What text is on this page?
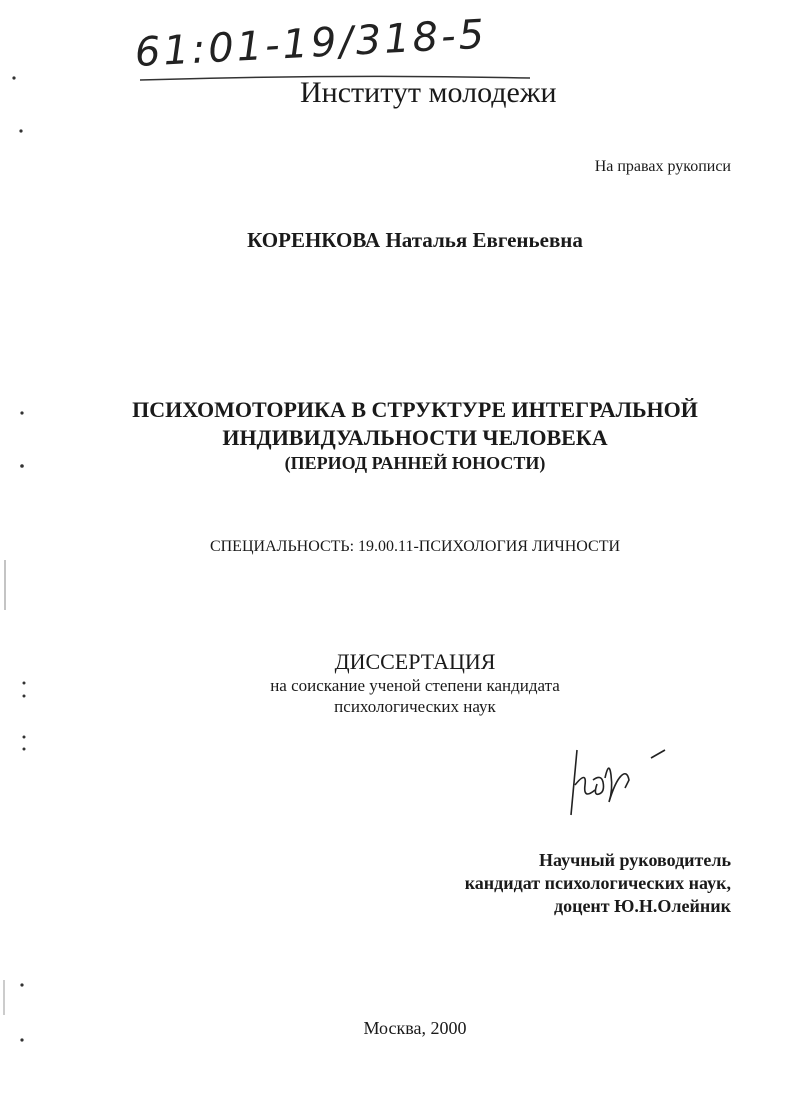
61:01-19/318-5
Институт молодежи
На правах рукописи
КОРЕНКОВА Наталья Евгеньевна
ПСИХОМОТОРИКА В СТРУКТУРЕ ИНТЕГРАЛЬНОЙ
ИНДИВИДУАЛЬНОСТИ ЧЕЛОВЕКА
(ПЕРИОД РАННЕЙ ЮНОСТИ)
СПЕЦИАЛЬНОСТЬ: 19.00.11-ПСИХОЛОГИЯ ЛИЧНОСТИ
ДИССЕРТАЦИЯ
на соискание ученой степени кандидата
психологических наук
Научный руководитель
кандидат психологических наук,
доцент Ю.Н.Олейник
Москва, 2000
